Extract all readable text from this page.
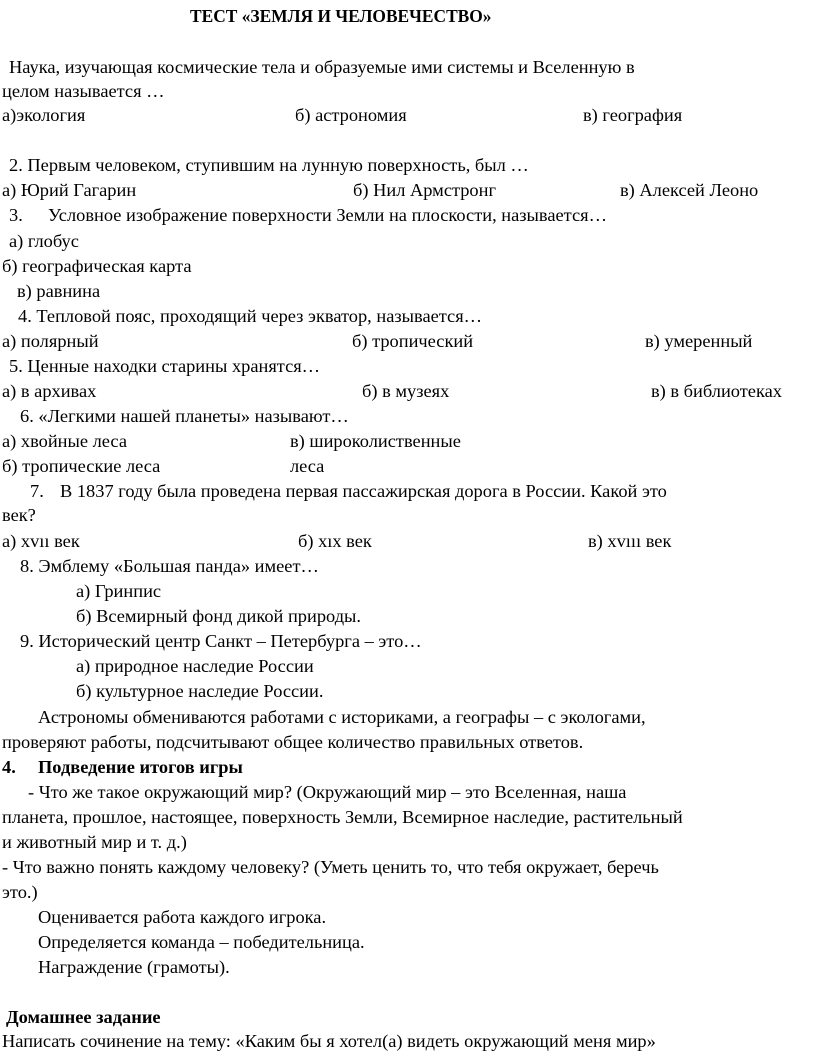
ТЕСТ «ЗЕМЛЯ И ЧЕЛОВЕЧЕСТВО»
Наука, изучающая космические тела и образуемые ими системы и Вселенную в
целом называется …
а)экология	б) астрономия	в) география
2. Первым человеком, ступившим на лунную поверхность, был …
а) Юрий Гагарин	б) Нил Армстронг	в) Алексей Леоно
3. Условное изображение поверхности Земли на плоскости, называется…
а) глобус
б) географическая карта
в) равнина
4. Тепловой пояс, проходящий через экватор, называется…
а) полярный	б) тропический	в) умеренный
5. Ценные находки старины хранятся…
а) в архивах	б) в музеях	в) в библиотеках
6. «Легкими нашей планеты» называют…
а) хвойные леса	в) широколиственные
б) тропические леса	леса
7. В 1837 году была проведена первая пассажирская дорога в России. Какой это
век?
а) xvıı век	б) xıx век	в) xvııı век
8. Эмблему «Большая панда» имеет…
а) Гринпис
б) Всемирный фонд дикой природы.
9. Исторический центр Санкт – Петербурга – это…
а) природное наследие России
б) культурное наследие России.
Астрономы обмениваются работами с историками, а географы – с экологами,
проверяют работы, подсчитывают общее количество правильных ответов.
4. Подведение итогов игры
- Что же такое окружающий мир? (Окружающий мир – это Вселенная, наша
планета, прошлое, настоящее, поверхность Земли, Всемирное наследие, растительный
и животный мир и т. д.)
- Что важно понять каждому человеку? (Уметь ценить то, что тебя окружает, беречь
это.)
Оценивается работа каждого игрока.
Определяется команда – победительница.
Награждение (грамоты).
Домашнее задание
Написать сочинение на тему: «Каким бы я хотел(а) видеть окружающий меня мир»
